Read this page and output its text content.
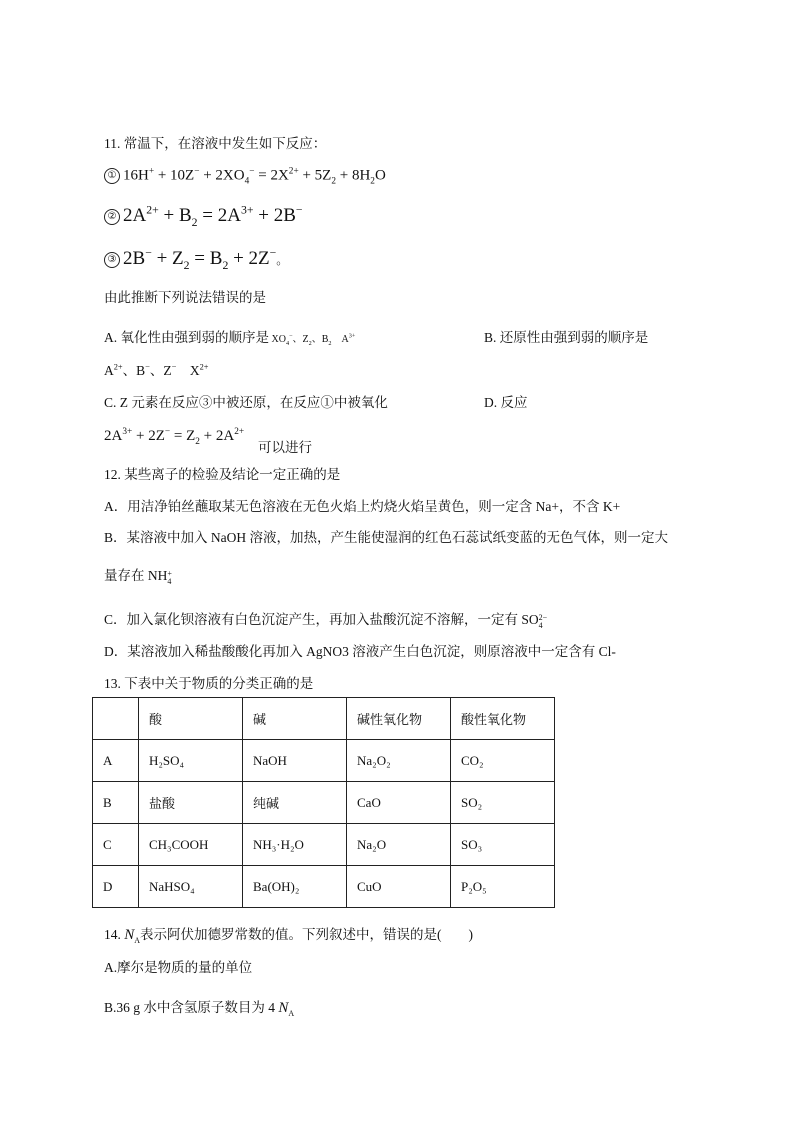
11. 常温下，在溶液中发生如下反应：
① $16H^+ + 10Z^- + 2XO_4^- = 2X^{2+} + 5Z_2 + 8H_2O$
② $2A^{2+} + B_2 = 2A^{3+} + 2B^-$
③ $2B^- + Z_2 = B_2 + 2Z^-$。
由此推断下列说法错误的是
A. 氧化性由强到弱的顺序是 $XO_4^-$、$Z_2$、$B_2$　$A^{3+}$	B. 还原性由强到弱的顺序是
$A^{2+}$、B−、Z−　$X^{2+}$
C. Z 元素在反应③中被还原，在反应①中被氧化	D. 反应
$2A^{3+} + 2Z^- = Z_2 + 2A^{2+}$
可以进行
12. 某些离子的检验及结论一定正确的是
A．用洁净铂丝蘸取某无色溶液在无色火焰上灼烧火焰呈黄色，则一定含 Na+，不含 K+
B．某溶液中加入 NaOH 溶液，加热，产生能使湿润的红色石蕊试纸变蓝的无色气体，则一定大
量存在 NH +
4
C．加入氯化钡溶液有白色沉淀产生，再加入盐酸沉淀不溶解，一定有 SO 2−
4
D．某溶液加入稀盐酸酸化再加入 AgNO3 溶液产生白色沉淀，则原溶液中一定含有 Cl-
13. 下表中关于物质的分类正确的是
	酸	碱	碱性氧化物	酸性氧化物
A	H₂SO₄	NaOH	Na₂O₂	CO₂
B	盐酸	纯碱	CaO	SO₂
C	CH₃COOH	NH₃·H₂O	Na₂O	SO₃
D	NaHSO₄	Ba(OH)₂	CuO	P₂O₅
14. $N_A$表示阿伏加德罗常数的值。下列叙述中，错误的是(　　)
A.摩尔是物质的量的单位
B.36 g 水中含氢原子数目为 4 $N_A$
